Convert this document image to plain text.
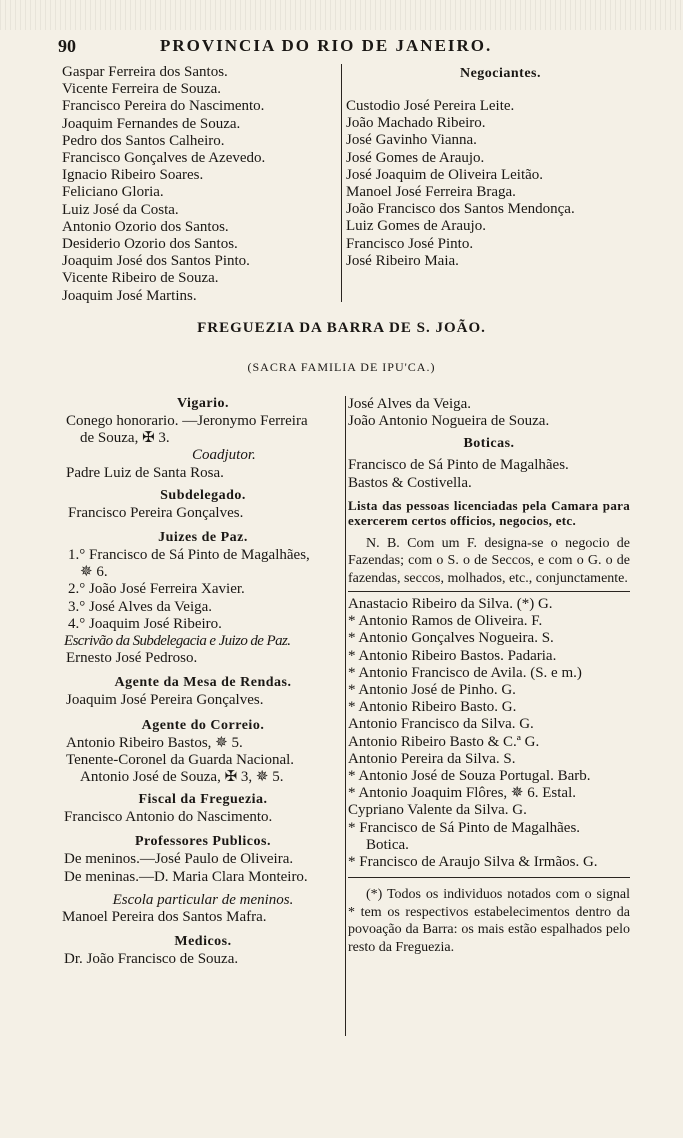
90	PROVINCIA DO RIO DE JANEIRO.
Gaspar Ferreira dos Santos.
Vicente Ferreira de Souza.
Francisco Pereira do Nascimento.
Joaquim Fernandes de Souza.
Pedro dos Santos Calheiro.
Francisco Gonçalves de Azevedo.
Ignacio Ribeiro Soares.
Feliciano Gloria.
Luiz José da Costa.
Antonio Ozorio dos Santos.
Desiderio Ozorio dos Santos.
Joaquim José dos Santos Pinto.
Vicente Ribeiro de Souza.
Joaquim José Martins.
Negociantes.
Custodio José Pereira Leite.
João Machado Ribeiro.
José Gavinho Vianna.
José Gomes de Araujo.
José Joaquim de Oliveira Leitão.
Manoel José Ferreira Braga.
João Francisco dos Santos Mendonça.
Luiz Gomes de Araujo.
Francisco José Pinto.
José Ribeiro Maia.
FREGUEZIA DA BARRA DE S. JOÃO.
(SACRA FAMILIA DE IPU'CA.)
Vigario.
Conego honorario. —Jeronymo Ferreira
de Souza, ✠ 3.
Coadjutor.
Padre Luiz de Santa Rosa.
Subdelegado.
Francisco Pereira Gonçalves.
Juizes de Paz.
1.° Francisco de Sá Pinto de Magalhães,
✵ 6.
2.° João José Ferreira Xavier.
3.° José Alves da Veiga.
4.° Joaquim José Ribeiro.
Escrivão da Subdelegacia e Juizo de Paz.
Ernesto José Pedroso.
Agente da Mesa de Rendas.
Joaquim José Pereira Gonçalves.
Agente do Correio.
Antonio Ribeiro Bastos, ✵ 5.
Tenente-Coronel da Guarda Nacional.
Antonio José de Souza, ✠ 3, ✵ 5.
Fiscal da Freguezia.
Francisco Antonio do Nascimento.
Professores Publicos.
De meninos.—José Paulo de Oliveira.
De meninas.—D. Maria Clara Monteiro.
Escola particular de meninos.
Manoel Pereira dos Santos Mafra.
Medicos.
Dr. João Francisco de Souza.
José Alves da Veiga.
João Antonio Nogueira de Souza.
Boticas.
Francisco de Sá Pinto de Magalhães.
Bastos & Costivella.
Lista das pessoas licenciadas pela Camara para exercerem certos officios, negocios, etc.
N. B. Com um F. designa-se o negocio de Fazendas; com o S. o de Seccos, e com o G. o de fazendas, seccos, molhados, etc., conjunctamente.
Anastacio Ribeiro da Silva. (*) G.
* Antonio Ramos de Oliveira. F.
* Antonio Gonçalves Nogueira. S.
* Antonio Ribeiro Bastos. Padaria.
* Antonio Francisco de Avila. (S. e m.)
* Antonio José de Pinho. G.
* Antonio Ribeiro Basto. G.
Antonio Francisco da Silva. G.
Antonio Ribeiro Basto & C.ª G.
Antonio Pereira da Silva. S.
* Antonio José de Souza Portugal. Barb.
* Antonio Joaquim Flôres, ✵ 6. Estal.
Cypriano Valente da Silva. G.
* Francisco de Sá Pinto de Magalhães.
Botica.
* Francisco de Araujo Silva & Irmãos. G.
(*) Todos os individuos notados com o signal * tem os respectivos estabelecimentos dentro da povoação da Barra: os mais estão espalhados pelo resto da Freguezia.
